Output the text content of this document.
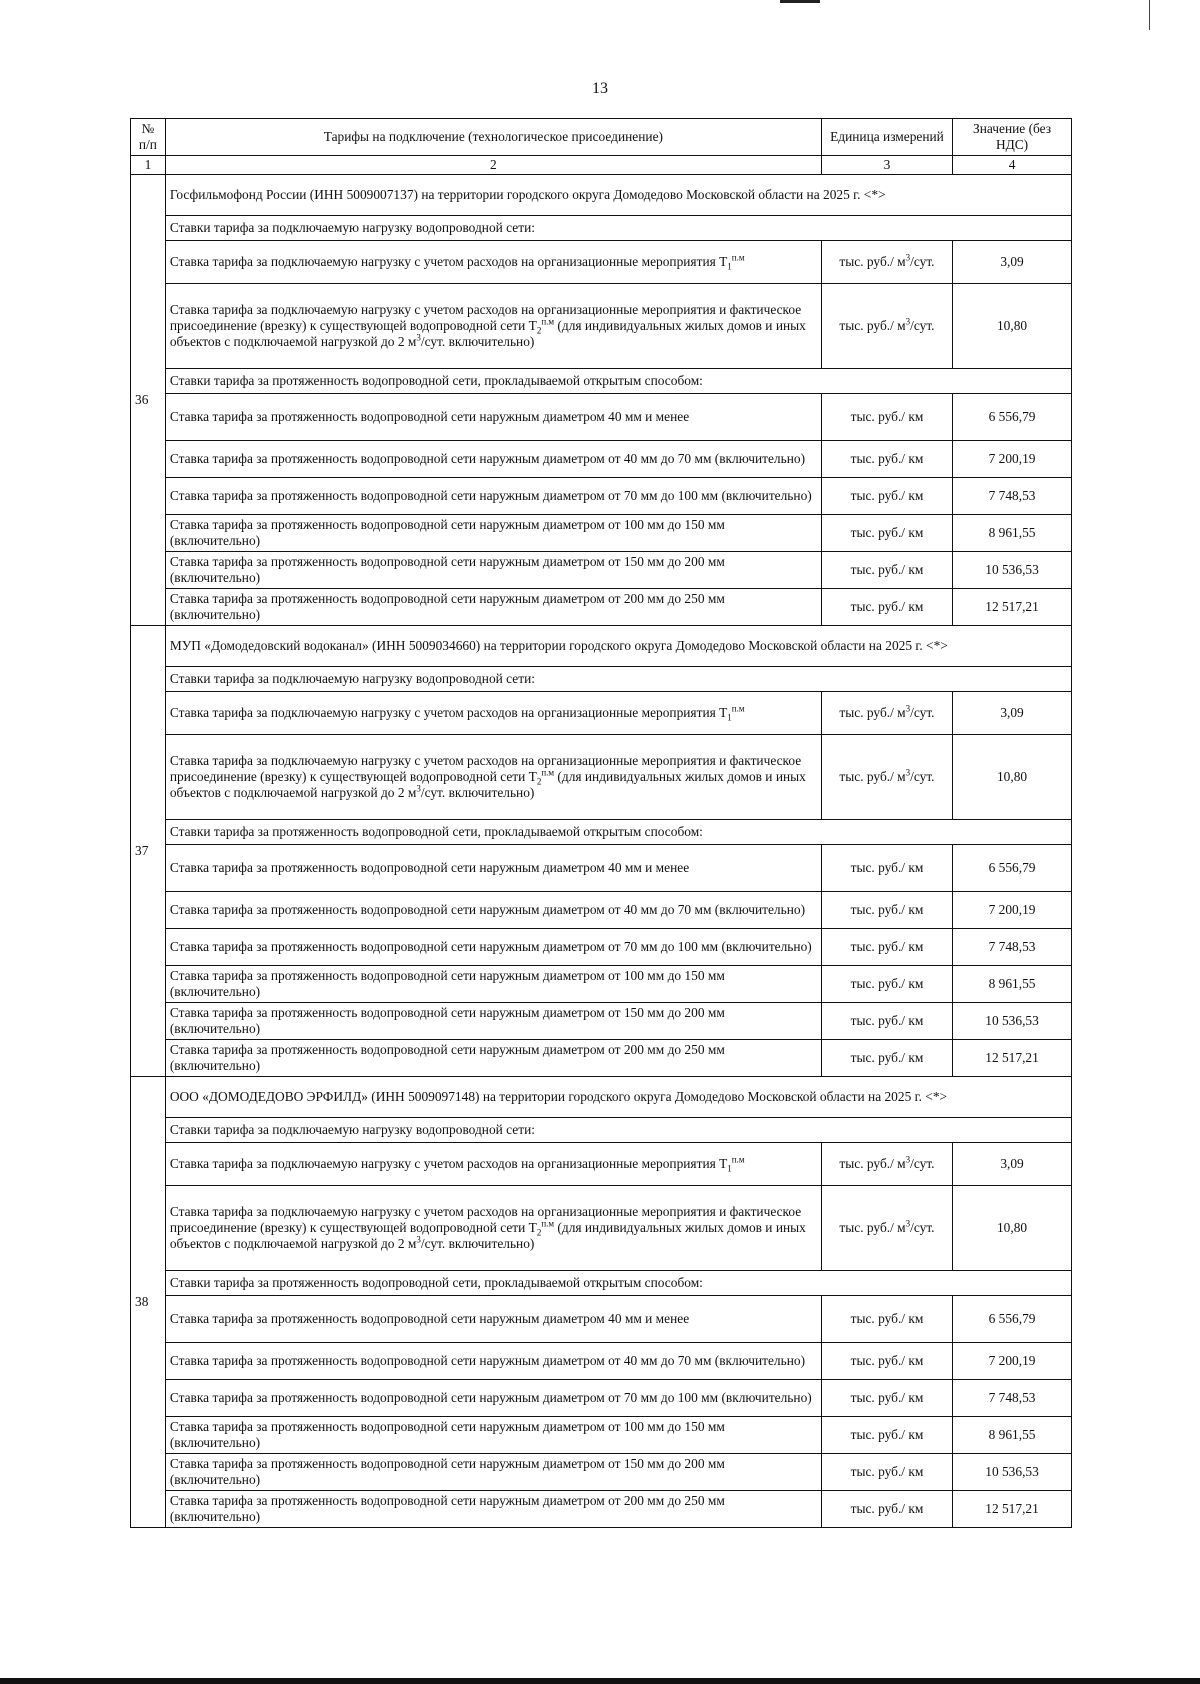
13
№ п/п	Тарифы на подключение (технологическое присоединение)	Единица измерений	Значение (без НДС)
1	2	3	4
36	Госфильмофонд России (ИНН 5009007137) на территории городского округа Домодедово Московской области на 2025 г. <*>		
	Ставки тарифа за подключаемую нагрузку водопроводной сети:		
	Ставка тарифа за подключаемую нагрузку с учетом расходов на организационные мероприятия $T_1^{п.м}$	тыс. руб./ $м^3$/сут.	3,09
	Ставка тарифа за подключаемую нагрузку с учетом расходов на организационные мероприятия и фактическое присоединение (врезку) к существующей водопроводной сети $T_2^{п.м}$ (для индивидуальных жилых домов и иных объектов с подключаемой нагрузкой до 2 $м^3$/сут. включительно)	тыс. руб./ $м^3$/сут.	10,80
	Ставки тарифа за протяженность водопроводной сети, прокладываемой открытым способом:		
	Ставка тарифа за протяженность водопроводной сети наружным диаметром 40 мм и менее	тыс. руб./ км	6 556,79
	Ставка тарифа за протяженность водопроводной сети наружным диаметром от 40 мм до 70 мм (включительно)	тыс. руб./ км	7 200,19
	Ставка тарифа за протяженность водопроводной сети наружным диаметром от 70 мм до 100 мм (включительно)	тыс. руб./ км	7 748,53
	Ставка тарифа за протяженность водопроводной сети наружным диаметром от 100 мм до 150 мм (включительно)	тыс. руб./ км	8 961,55
	Ставка тарифа за протяженность водопроводной сети наружным диаметром от 150 мм до 200 мм (включительно)	тыс. руб./ км	10 536,53
	Ставка тарифа за протяженность водопроводной сети наружным диаметром от 200 мм до 250 мм (включительно)	тыс. руб./ км	12 517,21
37	МУП «Домодедовский водоканал» (ИНН 5009034660) на территории городского округа Домодедово Московской области на 2025 г. <*>		
	Ставки тарифа за подключаемую нагрузку водопроводной сети:		
	Ставка тарифа за подключаемую нагрузку с учетом расходов на организационные мероприятия $T_1^{п.м}$	тыс. руб./ $м^3$/сут.	3,09
	Ставка тарифа за подключаемую нагрузку с учетом расходов на организационные мероприятия и фактическое присоединение (врезку) к существующей водопроводной сети $T_2^{п.м}$ (для индивидуальных жилых домов и иных объектов с подключаемой нагрузкой до 2 $м^3$/сут. включительно)	тыс. руб./ $м^3$/сут.	10,80
	Ставки тарифа за протяженность водопроводной сети, прокладываемой открытым способом:		
	Ставка тарифа за протяженность водопроводной сети наружным диаметром 40 мм и менее	тыс. руб./ км	6 556,79
	Ставка тарифа за протяженность водопроводной сети наружным диаметром от 40 мм до 70 мм (включительно)	тыс. руб./ км	7 200,19
	Ставка тарифа за протяженность водопроводной сети наружным диаметром от 70 мм до 100 мм (включительно)	тыс. руб./ км	7 748,53
	Ставка тарифа за протяженность водопроводной сети наружным диаметром от 100 мм до 150 мм (включительно)	тыс. руб./ км	8 961,55
	Ставка тарифа за протяженность водопроводной сети наружным диаметром от 150 мм до 200 мм (включительно)	тыс. руб./ км	10 536,53
	Ставка тарифа за протяженность водопроводной сети наружным диаметром от 200 мм до 250 мм (включительно)	тыс. руб./ км	12 517,21
38	ООО «ДОМОДЕДОВО ЭРФИЛД» (ИНН 5009097148) на территории городского округа Домодедово Московской области на 2025 г. <*>		
	Ставки тарифа за подключаемую нагрузку водопроводной сети:		
	Ставка тарифа за подключаемую нагрузку с учетом расходов на организационные мероприятия $T_1^{п.м}$	тыс. руб./ $м^3$/сут.	3,09
	Ставка тарифа за подключаемую нагрузку с учетом расходов на организационные мероприятия и фактическое присоединение (врезку) к существующей водопроводной сети $T_2^{п.м}$ (для индивидуальных жилых домов и иных объектов с подключаемой нагрузкой до 2 $м^3$/сут. включительно)	тыс. руб./ $м^3$/сут.	10,80
	Ставки тарифа за протяженность водопроводной сети, прокладываемой открытым способом:		
	Ставка тарифа за протяженность водопроводной сети наружным диаметром 40 мм и менее	тыс. руб./ км	6 556,79
	Ставка тарифа за протяженность водопроводной сети наружным диаметром от 40 мм до 70 мм (включительно)	тыс. руб./ км	7 200,19
	Ставка тарифа за протяженность водопроводной сети наружным диаметром от 70 мм до 100 мм (включительно)	тыс. руб./ км	7 748,53
	Ставка тарифа за протяженность водопроводной сети наружным диаметром от 100 мм до 150 мм (включительно)	тыс. руб./ км	8 961,55
	Ставка тарифа за протяженность водопроводной сети наружным диаметром от 150 мм до 200 мм (включительно)	тыс. руб./ км	10 536,53
	Ставка тарифа за протяженность водопроводной сети наружным диаметром от 200 мм до 250 мм (включительно)	тыс. руб./ км	12 517,21
